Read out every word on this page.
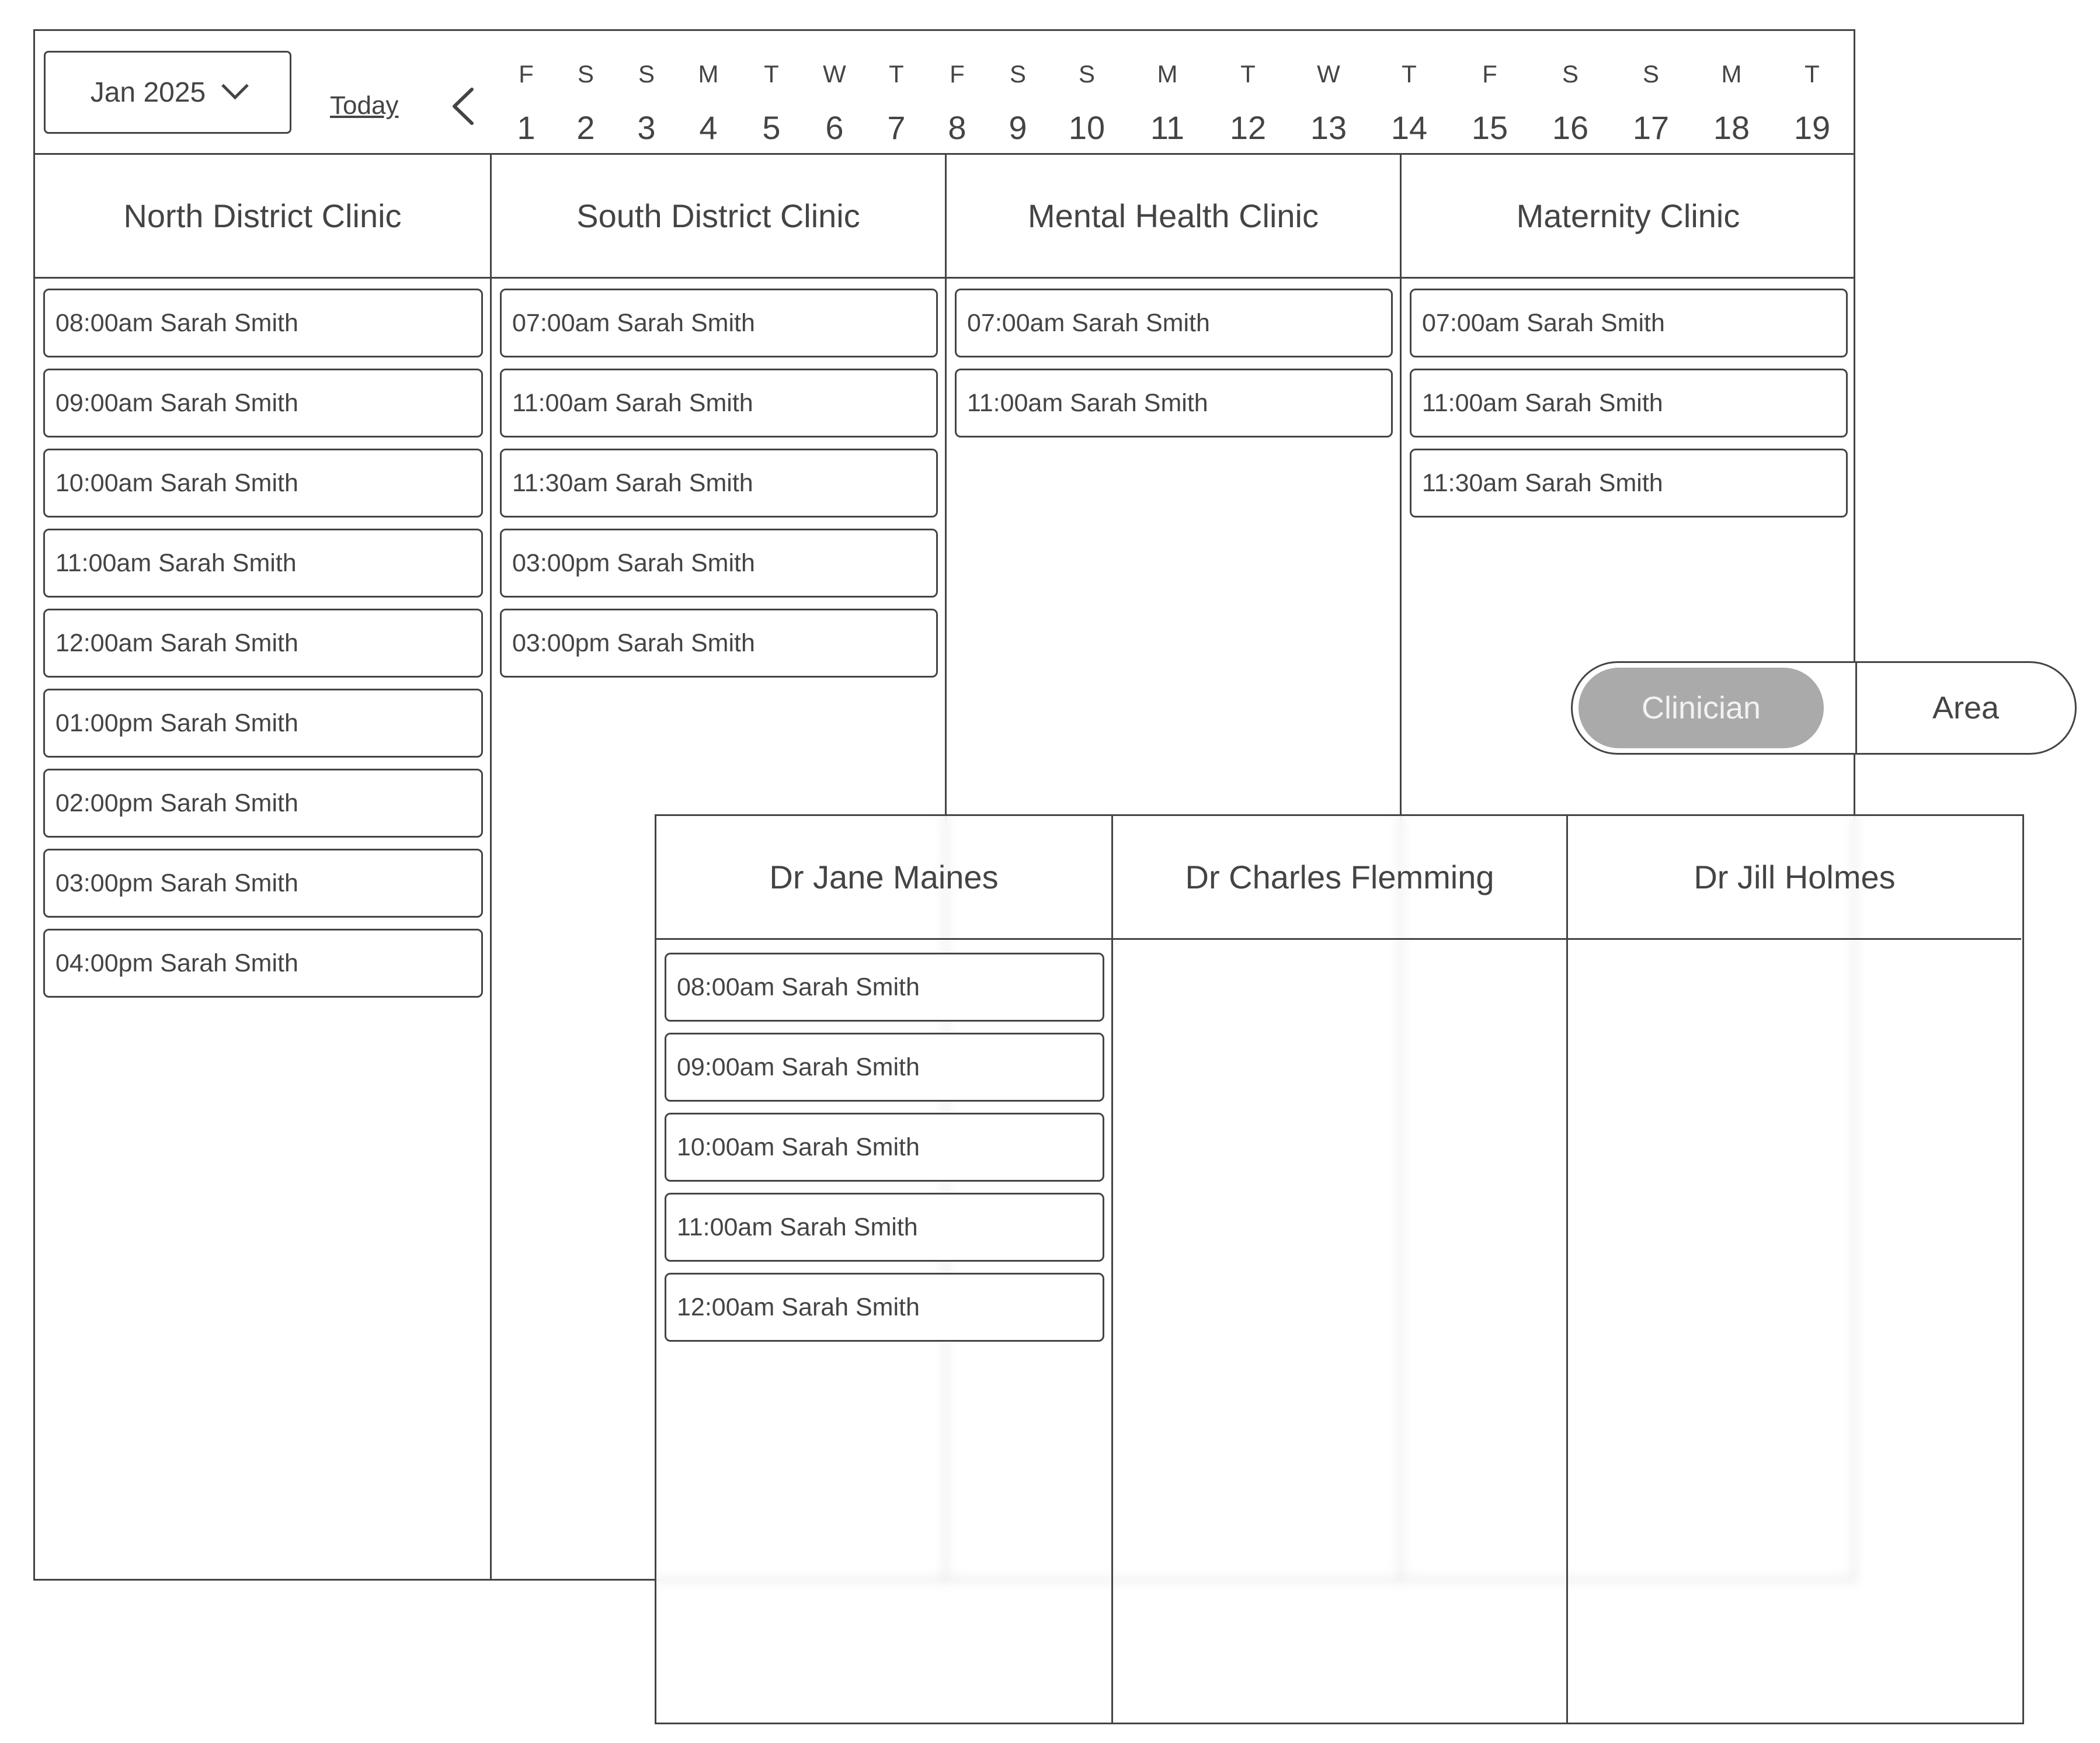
Jan 2025	Today
F
1
S
2
S
3
M
4
T
5
W
6
T
7
F
8
S
9
S
10
M
11
T
12
W
13
T
14
F
15
S
16
S
17
M
18
T
19
North District Clinic
08:00am Sarah Smith
09:00am Sarah Smith
10:00am Sarah Smith
11:00am Sarah Smith
12:00am Sarah Smith
01:00pm Sarah Smith
02:00pm Sarah Smith
03:00pm Sarah Smith
04:00pm Sarah Smith
South District Clinic
07:00am Sarah Smith
11:00am Sarah Smith
11:30am Sarah Smith
03:00pm Sarah Smith
03:00pm Sarah Smith
Mental Health Clinic
07:00am Sarah Smith
11:00am Sarah Smith
Maternity Clinic
07:00am Sarah Smith
11:00am Sarah Smith
11:30am Sarah Smith
Clinician	Area
Dr Jane Maines
08:00am Sarah Smith
09:00am Sarah Smith
10:00am Sarah Smith
11:00am Sarah Smith
12:00am Sarah Smith
Dr Charles Flemming	Dr Jill Holmes
